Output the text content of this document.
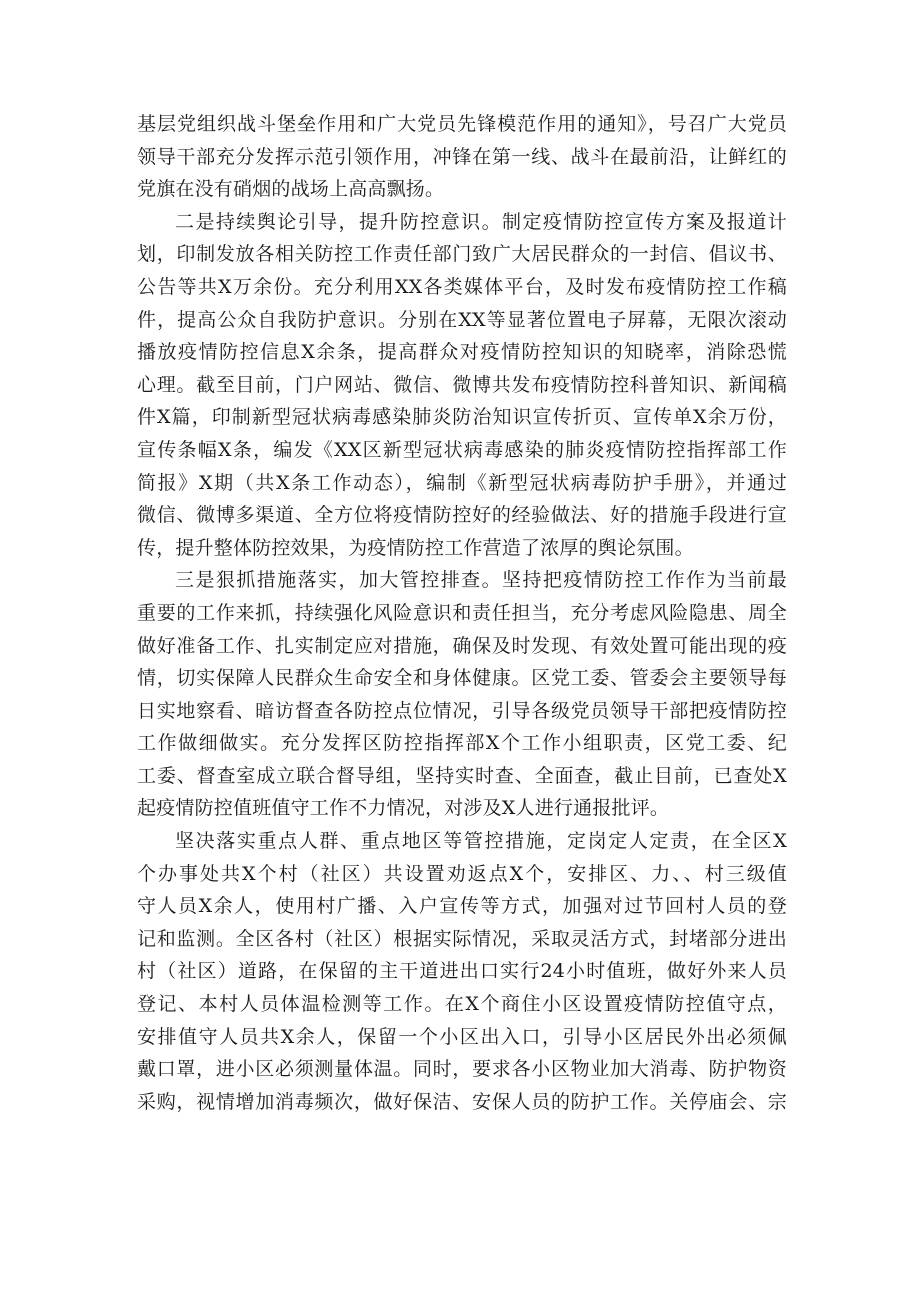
基层党组织战斗堡垒作用和广大党员先锋模范作用的通知》，号召广大党员
领导干部充分发挥示范引领作用，冲锋在第一线、战斗在最前沿，让鲜红的
党旗在没有硝烟的战场上高高飘扬。
二是持续舆论引导，提升防控意识。制定疫情防控宣传方案及报道计
划，印制发放各相关防控工作责任部门致广大居民群众的一封信、倡议书、
公告等共X万余份。充分利用XX各类媒体平台，及时发布疫情防控工作稿
件，提高公众自我防护意识。分别在XX等显著位置电子屏幕，无限次滚动
播放疫情防控信息X余条，提高群众对疫情防控知识的知晓率，消除恐慌
心理。截至目前，门户网站、微信、微博共发布疫情防控科普知识、新闻稿
件X篇，印制新型冠状病毒感染肺炎防治知识宣传折页、宣传单X余万份，
宣传条幅X条，编发《XX区新型冠状病毒感染的肺炎疫情防控指挥部工作
简报》X期（共X条工作动态），编制《新型冠状病毒防护手册》，并通过
微信、微博多渠道、全方位将疫情防控好的经验做法、好的措施手段进行宣
传，提升整体防控效果，为疫情防控工作营造了浓厚的舆论氛围。
三是狠抓措施落实，加大管控排查。坚持把疫情防控工作作为当前最
重要的工作来抓，持续强化风险意识和责任担当，充分考虑风险隐患、周全
做好准备工作、扎实制定应对措施，确保及时发现、有效处置可能出现的疫
情，切实保障人民群众生命安全和身体健康。区党工委、管委会主要领导每
日实地察看、暗访督查各防控点位情况，引导各级党员领导干部把疫情防控
工作做细做实。充分发挥区防控指挥部X个工作小组职责，区党工委、纪
工委、督查室成立联合督导组，坚持实时查、全面查，截止目前，已查处X
起疫情防控值班值守工作不力情况，对涉及X人进行通报批评。
坚决落实重点人群、重点地区等管控措施，定岗定人定责，在全区X
个办事处共X个村（社区）共设置劝返点X个，安排区、力、、村三级值
守人员X余人，使用村广播、入户宣传等方式，加强对过节回村人员的登
记和监测。全区各村（社区）根据实际情况，采取灵活方式，封堵部分进出
村（社区）道路，在保留的主干道进出口实行24小时值班，做好外来人员
登记、本村人员体温检测等工作。在X个商住小区设置疫情防控值守点，
安排值守人员共X余人，保留一个小区出入口，引导小区居民外出必须佩
戴口罩，进小区必须测量体温。同时，要求各小区物业加大消毒、防护物资
采购，视情增加消毒频次，做好保洁、安保人员的防护工作。关停庙会、宗
